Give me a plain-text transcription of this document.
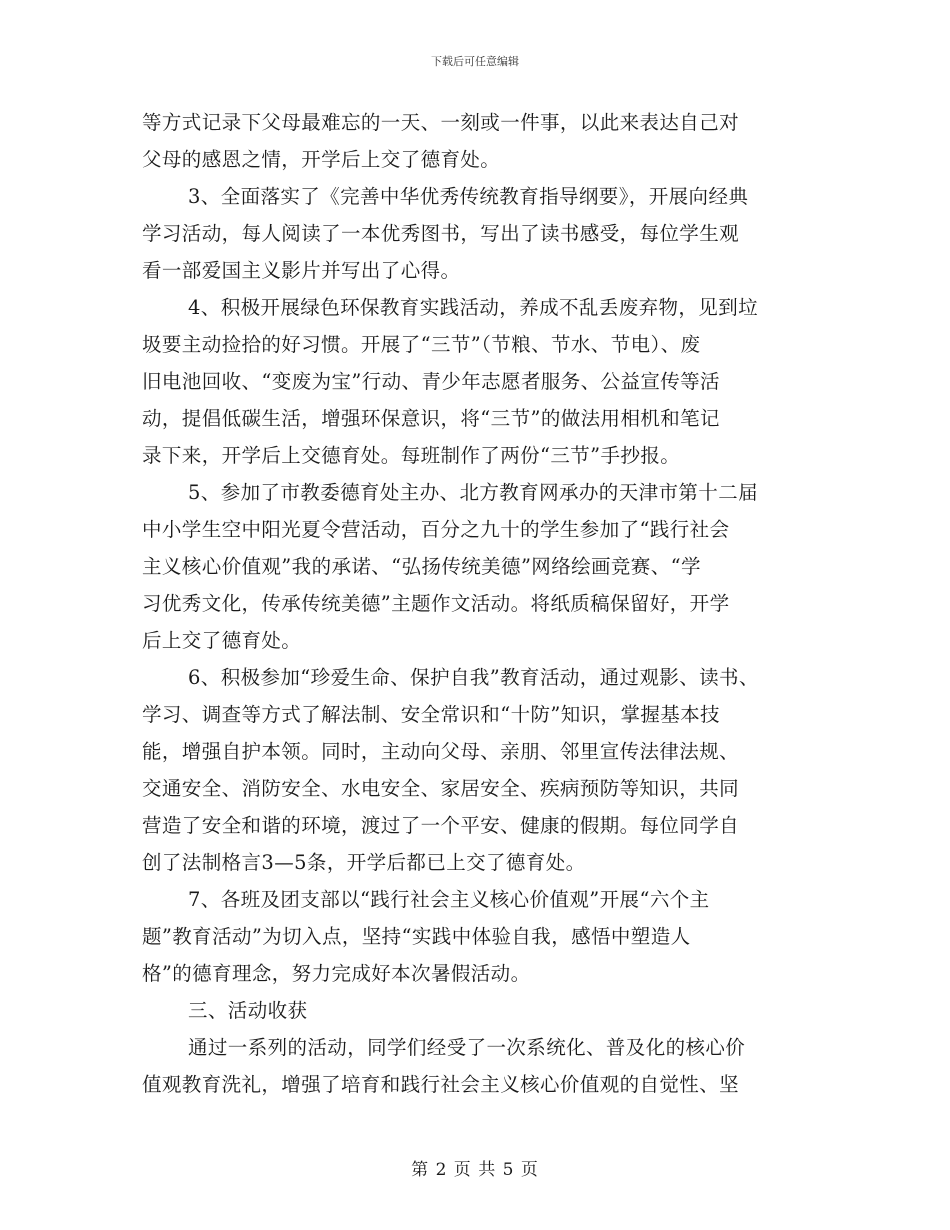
下载后可任意编辑
等方式记录下父母最难忘的一天、一刻或一件事，以此来表达自己对
父母的感恩之情，开学后上交了德育处。
3、全面落实了《完善中华优秀传统教育指导纲要》，开展向经典
学习活动，每人阅读了一本优秀图书，写出了读书感受，每位学生观
看一部爱国主义影片并写出了心得。
4、积极开展绿色环保教育实践活动，养成不乱丢废弃物，见到垃
圾要主动捡拾的好习惯。开展了“三节”（节粮、节水、节电）、废
旧电池回收、“变废为宝”行动、青少年志愿者服务、公益宣传等活
动，提倡低碳生活，增强环保意识，将“三节”的做法用相机和笔记
录下来，开学后上交德育处。每班制作了两份“三节”手抄报。
5、参加了市教委德育处主办、北方教育网承办的天津市第十二届
中小学生空中阳光夏令营活动，百分之九十的学生参加了“践行社会
主义核心价值观”我的承诺、“弘扬传统美德”网络绘画竞赛、“学
习优秀文化，传承传统美德”主题作文活动。将纸质稿保留好，开学
后上交了德育处。
6、积极参加“珍爱生命、保护自我”教育活动，通过观影、读书、
学习、调查等方式了解法制、安全常识和“十防”知识，掌握基本技
能，增强自护本领。同时，主动向父母、亲朋、邻里宣传法律法规、
交通安全、消防安全、水电安全、家居安全、疾病预防等知识，共同
营造了安全和谐的环境，渡过了一个平安、健康的假期。每位同学自
创了法制格言3—5条，开学后都已上交了德育处。
7、各班及团支部以“践行社会主义核心价值观”开展“六个主
题”教育活动”为切入点，坚持“实践中体验自我，感悟中塑造人
格”的德育理念，努力完成好本次暑假活动。
三、活动收获
通过一系列的活动，同学们经受了一次系统化、普及化的核心价
值观教育洗礼，增强了培育和践行社会主义核心价值观的自觉性、坚
第 2 页 共 5 页
